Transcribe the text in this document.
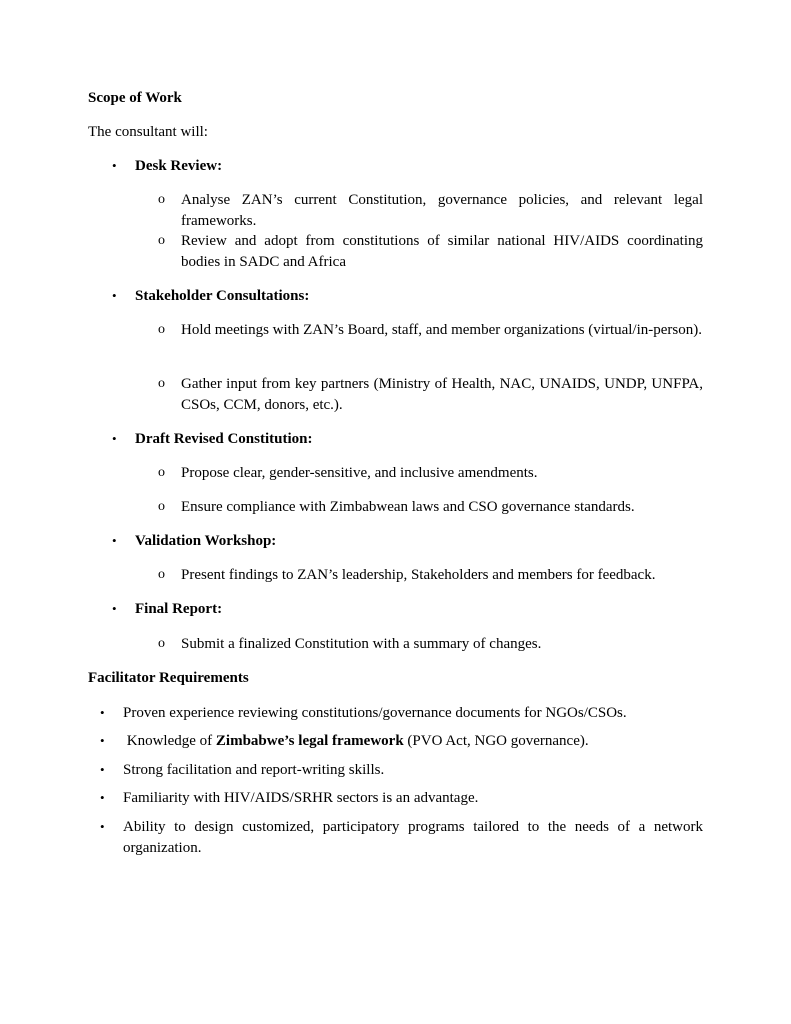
Scope of Work
The consultant will:
• Desk Review:
o Analyse ZAN’s current Constitution, governance policies, and relevant legal frameworks.
o Review and adopt from constitutions of similar national HIV/AIDS coordinating bodies in SADC and Africa
• Stakeholder Consultations:
o Hold meetings with ZAN’s Board, staff, and member organizations (virtual/in-person).
o Gather input from key partners (Ministry of Health, NAC, UNAIDS, UNDP, UNFPA, CSOs, CCM, donors, etc.).
• Draft Revised Constitution:
o Propose clear, gender-sensitive, and inclusive amendments.
o Ensure compliance with Zimbabwean laws and CSO governance standards.
• Validation Workshop:
o Present findings to ZAN’s leadership, Stakeholders and members for feedback.
• Final Report:
o Submit a finalized Constitution with a summary of changes.
Facilitator Requirements
• Proven experience reviewing constitutions/governance documents for NGOs/CSOs.
• Knowledge of Zimbabwe’s legal framework (PVO Act, NGO governance).
• Strong facilitation and report-writing skills.
• Familiarity with HIV/AIDS/SRHR sectors is an advantage.
• Ability to design customized, participatory programs tailored to the needs of a network organization.
